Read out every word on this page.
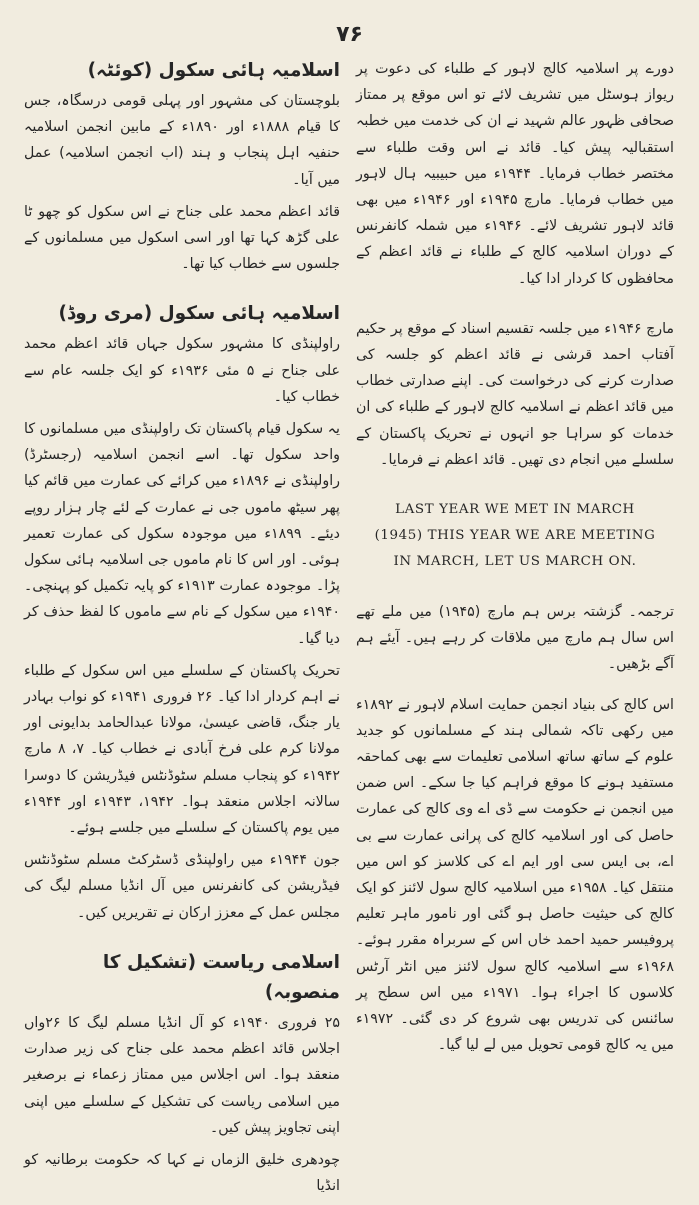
۷۶

دورے پر اسلامیہ کالج لاہور کے طلباء کی دعوت پر ریواز ہوسٹل میں تشریف لائے تو اس موقع پر ممتاز صحافی ظہور عالم شہید نے ان کی خدمت میں خطبہ استقبالیہ پیش کیا۔ قائد نے اس وقت طلباء سے مختصر خطاب فرمایا۔ ۱۹۴۴ء میں حبیبیہ ہال لاہور میں خطاب فرمایا۔ مارچ ۱۹۴۵ء اور ۱۹۴۶ء میں بھی قائد لاہور تشریف لائے۔ ۱۹۴۶ء میں شملہ کانفرنس کے دوران اسلامیہ کالج کے طلباء نے قائد اعظم کے محافظوں کا کردار ادا کیا۔

مارچ ۱۹۴۶ء میں جلسہ تقسیم اسناد کے موقع پر حکیم آفتاب احمد قرشی نے قائد اعظم کو جلسہ کی صدارت کرنے کی درخواست کی۔ اپنے صدارتی خطاب میں قائد اعظم نے اسلامیہ کالج لاہور کے طلباء کی ان خدمات کو سراہا جو انہوں نے تحریک پاکستان کے سلسلے میں انجام دی تھیں۔ قائد اعظم نے فرمایا۔

LAST YEAR WE MET IN MARCH
(1945) THIS YEAR WE ARE MEETING
IN MARCH, LET US MARCH ON.

ترجمہ۔ گزشتہ برس ہم مارچ (۱۹۴۵) میں ملے تھے اس سال ہم مارچ میں ملاقات کر رہے ہیں۔ آیئے ہم آگے بڑھیں۔

اس کالج کی بنیاد انجمن حمایت اسلام لاہور نے ۱۸۹۲ء میں رکھی تاکہ شمالی ہند کے مسلمانوں کو جدید علوم کے ساتھ ساتھ اسلامی تعلیمات سے بھی کماحقہ مستفید ہونے کا موقع فراہم کیا جا سکے۔ اس ضمن میں انجمن نے حکومت سے ڈی اے وی کالج کی عمارت حاصل کی اور اسلامیہ کالج کی پرانی عمارت سے بی اے، بی ایس سی اور ایم اے کی کلاسز کو اس میں منتقل کیا۔ ۱۹۵۸ء میں اسلامیہ کالج سول لائنز کو ایک کالج کی حیثیت حاصل ہو گئی اور نامور ماہر تعلیم پروفیسر حمید احمد خاں اس کے سربراہ مقرر ہوئے۔ ۱۹۶۸ء سے اسلامیہ کالج سول لائنز میں انٹر آرٹس کلاسوں کا اجراء ہوا۔ ۱۹۷۱ء میں اس سطح پر سائنس کی تدریس بھی شروع کر دی گئی۔ ۱۹۷۲ء میں یہ کالج قومی تحویل میں لے لیا گیا۔

اسلامیہ ہائی سکول (کوئٹہ)

بلوچستان کی مشہور اور پہلی قومی درسگاہ، جس کا قیام ۱۸۸۸ء اور ۱۸۹۰ء کے مابین انجمن اسلامیہ حنفیہ اہل پنجاب و ہند (اب انجمن اسلامیہ) عمل میں آیا۔

قائد اعظم محمد علی جناح نے اس سکول کو چھو ٹا علی گڑھ کہا تھا اور اسی اسکول میں مسلمانوں کے جلسوں سے خطاب کیا تھا۔

اسلامیہ ہائی سکول (مری روڈ)

راولپنڈی کا مشہور سکول جہاں قائد اعظم محمد علی جناح نے ۵ مئی ۱۹۳۶ء کو ایک جلسہ عام سے خطاب کیا۔

یہ سکول قیام پاکستان تک راولپنڈی میں مسلمانوں کا واحد سکول تھا۔ اسے انجمن اسلامیہ (رجسٹرڈ) راولپنڈی نے ۱۸۹۶ء میں کرائے کی عمارت میں قائم کیا پھر سیٹھ ماموں جی نے عمارت کے لئے چار ہزار روپے دیئے۔ ۱۸۹۹ء میں موجودہ سکول کی عمارت تعمیر ہوئی۔ اور اس کا نام ماموں جی اسلامیہ ہائی سکول پڑا۔ موجودہ عمارت ۱۹۱۳ء کو پایہ تکمیل کو پہنچی۔ ۱۹۴۰ء میں سکول کے نام سے ماموں کا لفظ حذف کر دیا گیا۔

تحریک پاکستان کے سلسلے میں اس سکول کے طلباء نے اہم کردار ادا کیا۔ ۲۶ فروری ۱۹۴۱ء کو نواب بہادر یار جنگ، قاضی عیسیٰ، مولانا عبدالحامد بدایونی اور مولانا کرم علی فرخ آبادی نے خطاب کیا۔ ۷، ۸ مارچ ۱۹۴۲ء کو پنجاب مسلم سٹوڈنٹس فیڈریشن کا دوسرا سالانہ اجلاس منعقد ہوا۔ ۱۹۴۲، ۱۹۴۳ء اور ۱۹۴۴ء میں یوم پاکستان کے سلسلے میں جلسے ہوئے۔

جون ۱۹۴۴ء میں راولپنڈی ڈسٹرکٹ مسلم سٹوڈنٹس فیڈریشن کی کانفرنس میں آل انڈیا مسلم لیگ کی مجلس عمل کے معزز ارکان نے تقریریں کیں۔

اسلامی ریاست (تشکیل کا منصوبہ)

۲۵ فروری ۱۹۴۰ء کو آل انڈیا مسلم لیگ کا ۲۶واں اجلاس قائد اعظم محمد علی جناح کی زیر صدارت منعقد ہوا۔ اس اجلاس میں ممتاز زعماء نے برصغیر میں اسلامی ریاست کی تشکیل کے سلسلے میں اپنی اپنی تجاویز پیش کیں۔

چودھری خلیق الزماں نے کہا کہ حکومت برطانیہ کو انڈیا
